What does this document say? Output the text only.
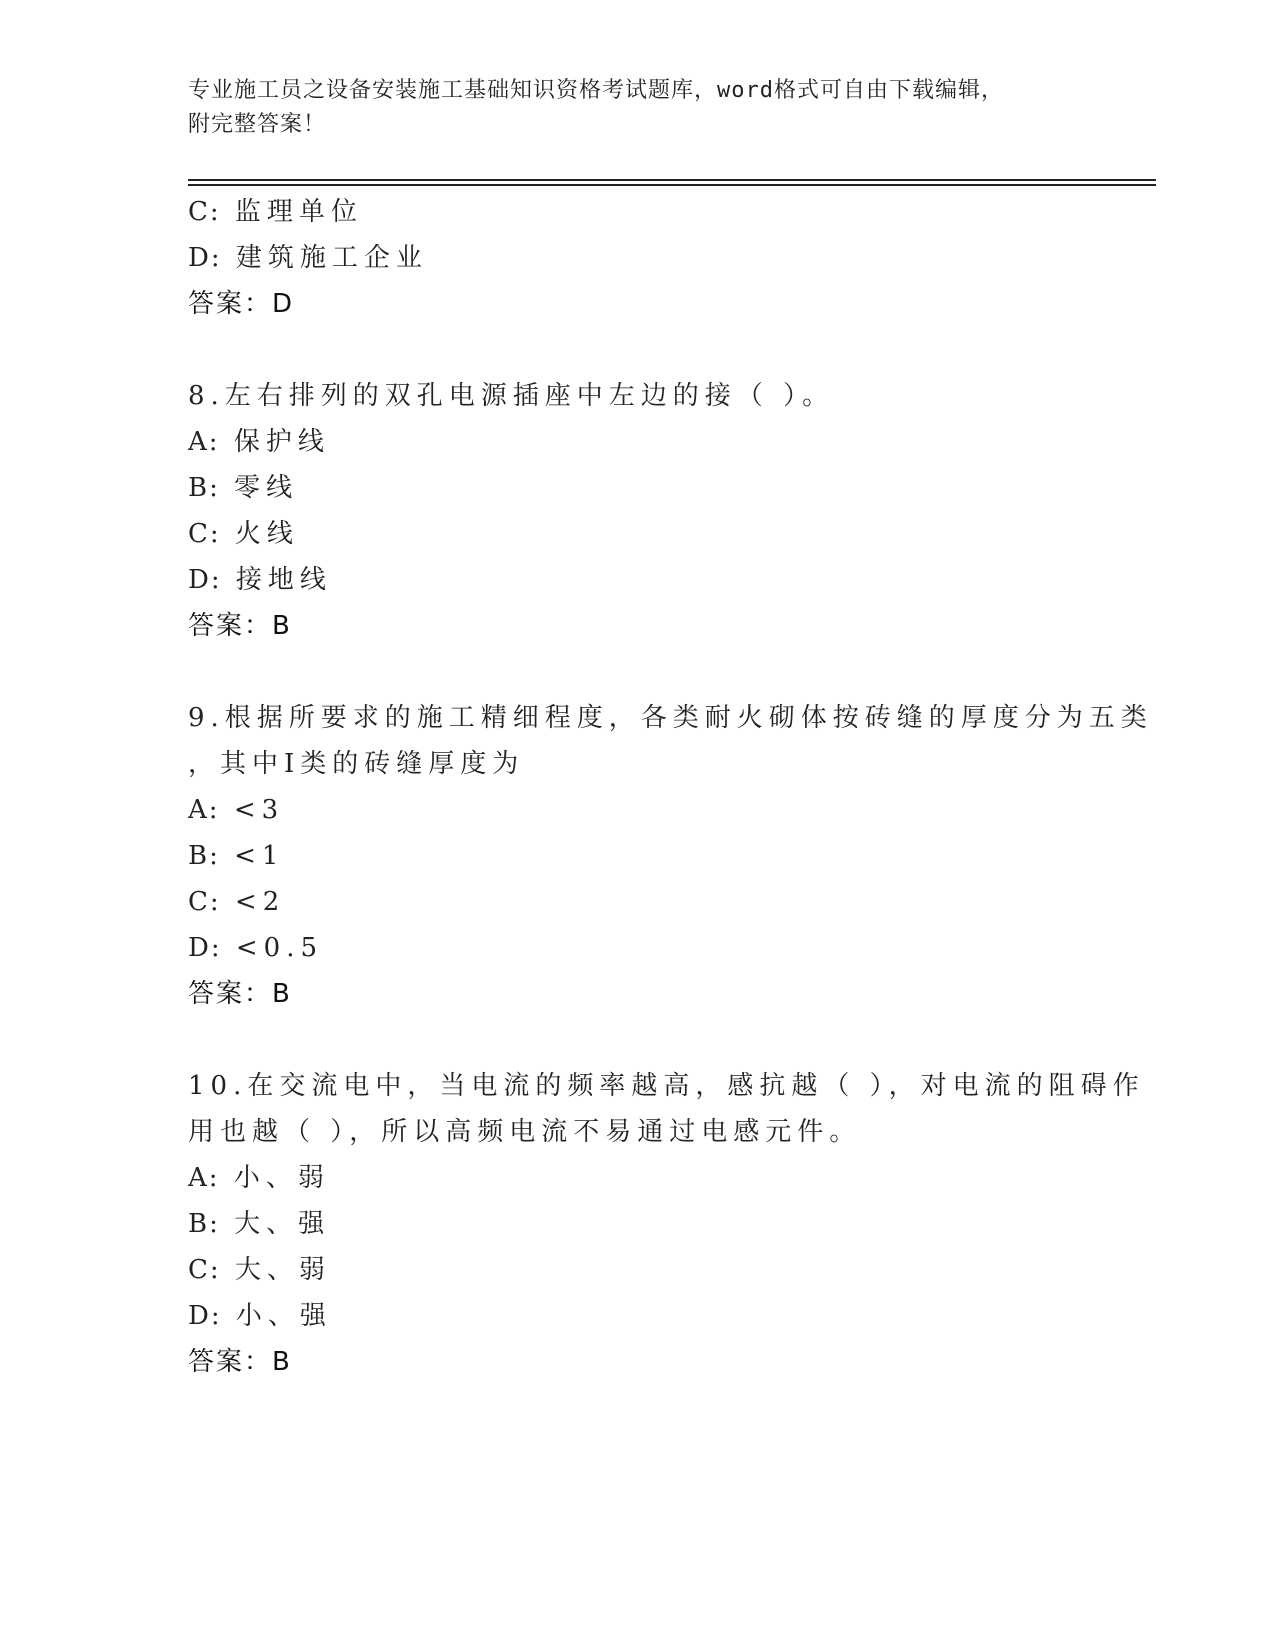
专业施工员之设备安装施工基础知识资格考试题库，word格式可自由下载编辑，
附完整答案！
C: 监理单位
D: 建筑施工企业
答案：D
8.左右排列的双孔电源插座中左边的接（ ）。
A: 保护线
B: 零线
C: 火线
D: 接地线
答案：B
9.根据所要求的施工精细程度，各类耐火砌体按砖缝的厚度分为五类
，其中I类的砖缝厚度为
A: <3
B: <1
C: <2
D: <0.5
答案：B
10.在交流电中，当电流的频率越高，感抗越（ ），对电流的阻碍作
用也越（ ），所以高频电流不易通过电感元件。
A: 小、弱
B: 大、强
C: 大、弱
D: 小、强
答案：B
